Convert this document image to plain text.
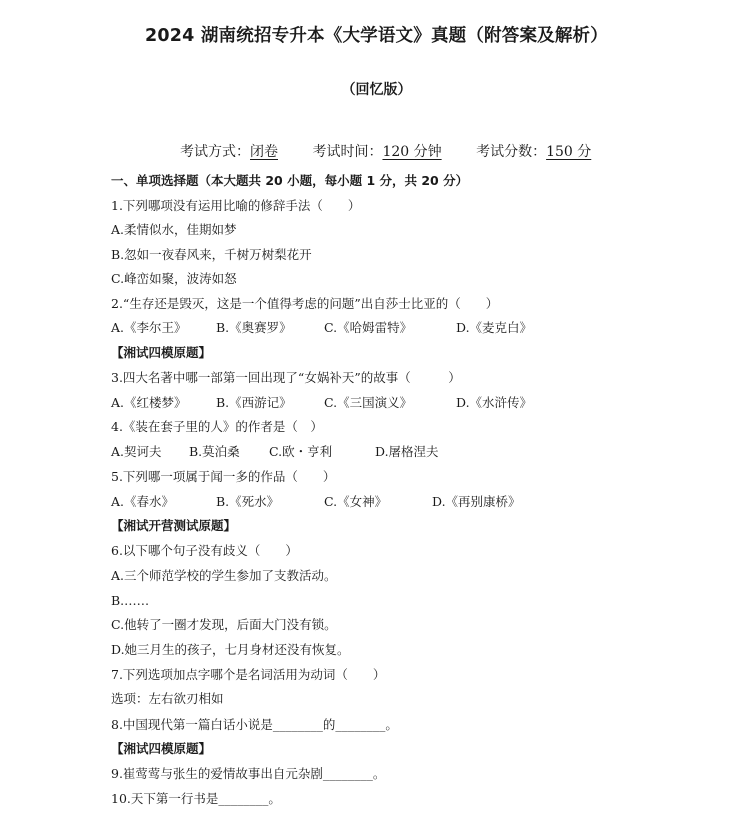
2024 湖南统招专升本《大学语文》真题（附答案及解析）
（回忆版）
考试方式：闭卷 考试时间：120 分钟 考试分数：150 分
一、单项选择题（本大题共 20 小题，每小题 1 分，共 20 分）
1.下列哪项没有运用比喻的修辞手法（　　）
A.柔情似水，佳期如梦
B.忽如一夜春风来，千树万树梨花开
C.峰峦如聚，波涛如怒
2.“生存还是毁灭，这是一个值得考虑的问题”出自莎士比亚的（　　）
A.《李尔王》 B.《奥赛罗》	C.《哈姆雷特》	D.《麦克白》
【湘试四模原题】
3.四大名著中哪一部第一回出现了“女娲补天”的故事（　　　）
A.《红楼梦》 B.《西游记》	C.《三国演义》	D.《水浒传》
4.《装在套子里的人》的作者是（　）
A.契诃夫 B.莫泊桑 C.欧・亨利	D.屠格涅夫
5.下列哪一项属于闻一多的作品（　　）
A.《春水》	B.《死水》	C.《女神》	D.《再别康桥》
【湘试开营测试原题】
6.以下哪个句子没有歧义（　　）
A.三个师范学校的学生参加了支教活动。
B.……
C.他转了一圈才发现，后面大门没有锁。
D.她三月生的孩子，七月身材还没有恢复。
7.下列选项加点字哪个是名词活用为动词（　　）
选项：左右欲刃相如
8.中国现代第一篇白话小说是________的________。
【湘试四模原题】
9.崔莺莺与张生的爱情故事出自元杂剧________。
10.天下第一行书是________。
